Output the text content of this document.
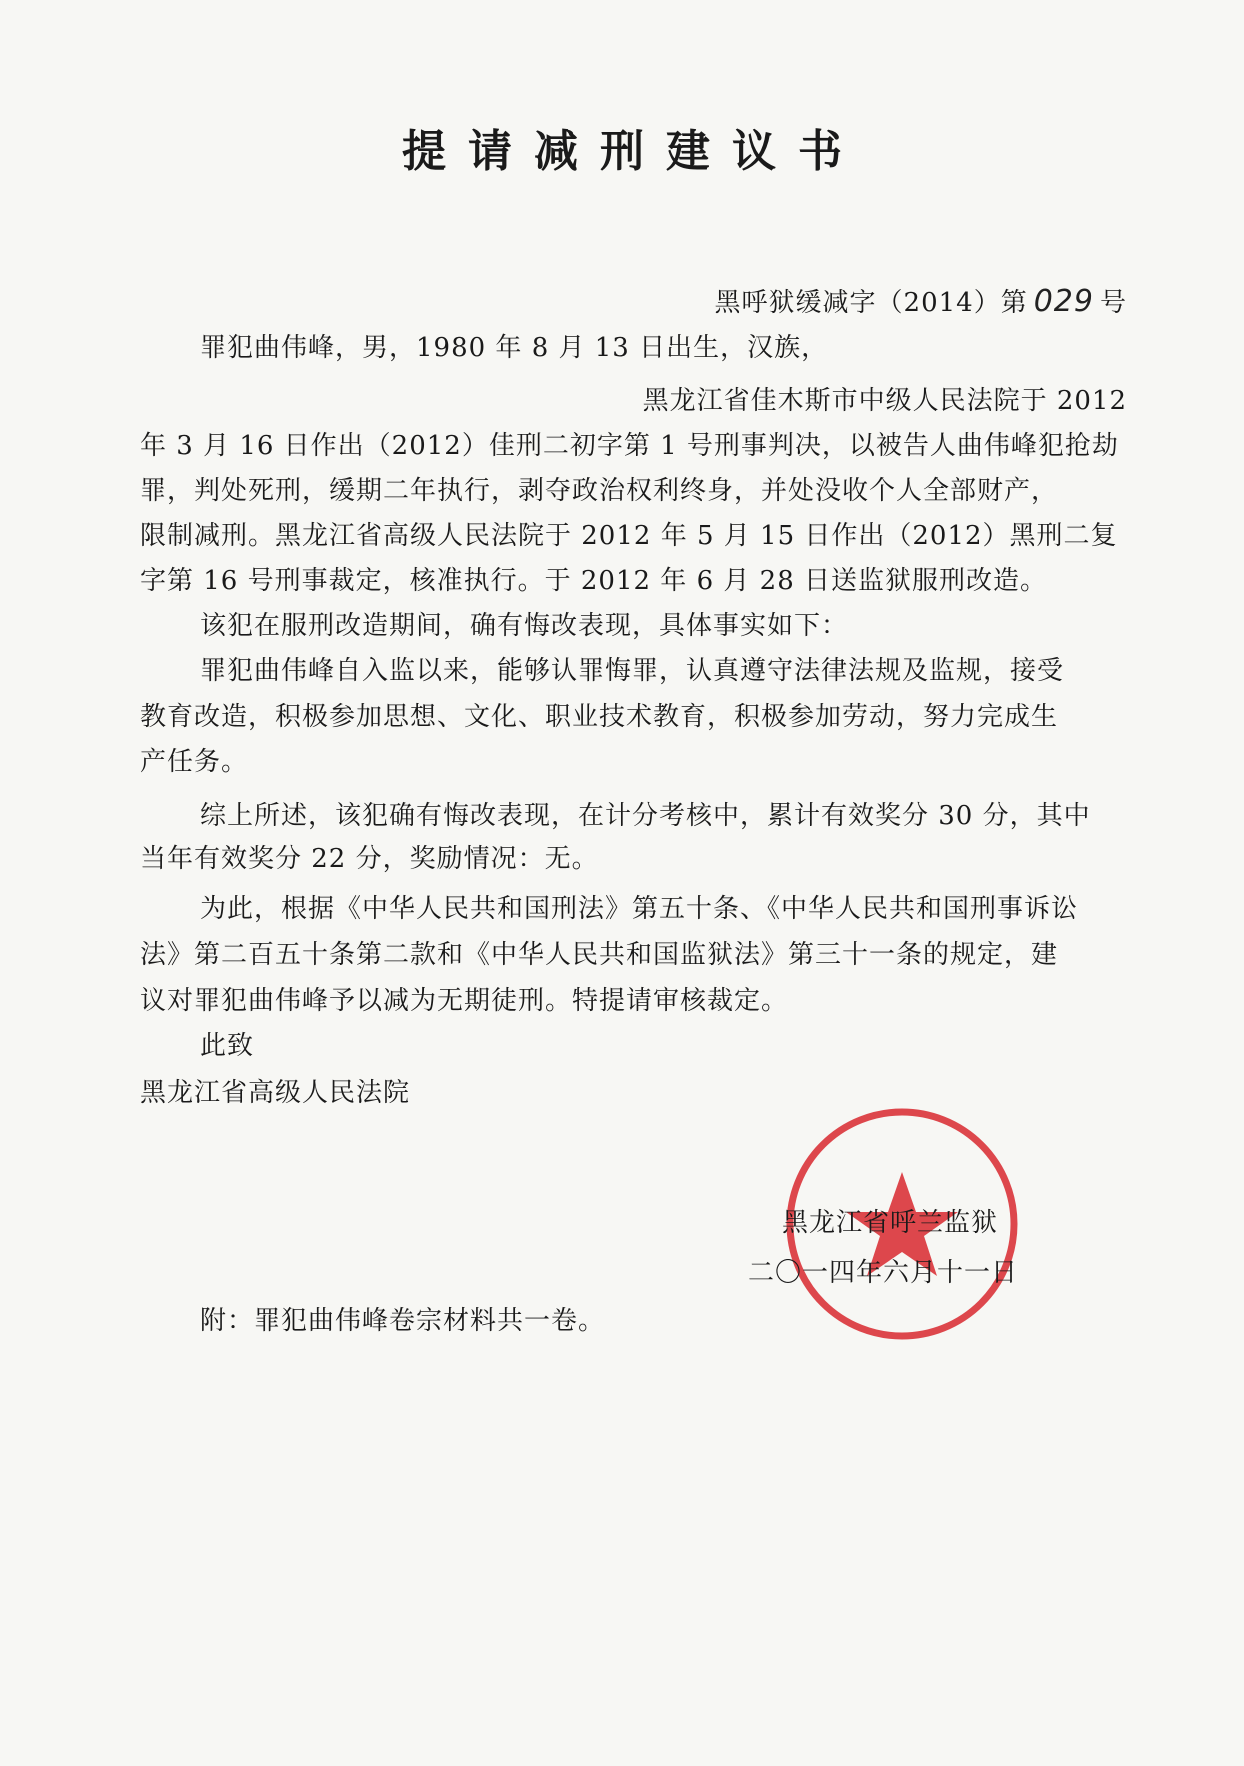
提请减刑建议书
黑呼狱缓减字（2014）第 029 号
罪犯曲伟峰，男，1980 年 8 月 13 日出生，汉族，
黑龙江省佳木斯市中级人民法院于 2012
年 3 月 16 日作出（2012）佳刑二初字第 1 号刑事判决，以被告人曲伟峰犯抢劫
罪，判处死刑，缓期二年执行，剥夺政治权利终身，并处没收个人全部财产，
限制减刑。黑龙江省高级人民法院于 2012 年 5 月 15 日作出（2012）黑刑二复
字第 16 号刑事裁定，核准执行。于 2012 年 6 月 28 日送监狱服刑改造。
该犯在服刑改造期间，确有悔改表现，具体事实如下：
罪犯曲伟峰自入监以来，能够认罪悔罪，认真遵守法律法规及监规，接受
教育改造，积极参加思想、文化、职业技术教育，积极参加劳动，努力完成生
产任务。
综上所述，该犯确有悔改表现，在计分考核中，累计有效奖分 30 分，其中
当年有效奖分 22 分，奖励情况：无。
为此，根据《中华人民共和国刑法》第五十条、《中华人民共和国刑事诉讼
法》第二百五十条第二款和《中华人民共和国监狱法》第三十一条的规定，建
议对罪犯曲伟峰予以减为无期徒刑。特提请审核裁定。
此致
黑龙江省高级人民法院
黑龙江省呼兰监狱
二〇一四年六月十一日
附：罪犯曲伟峰卷宗材料共一卷。
